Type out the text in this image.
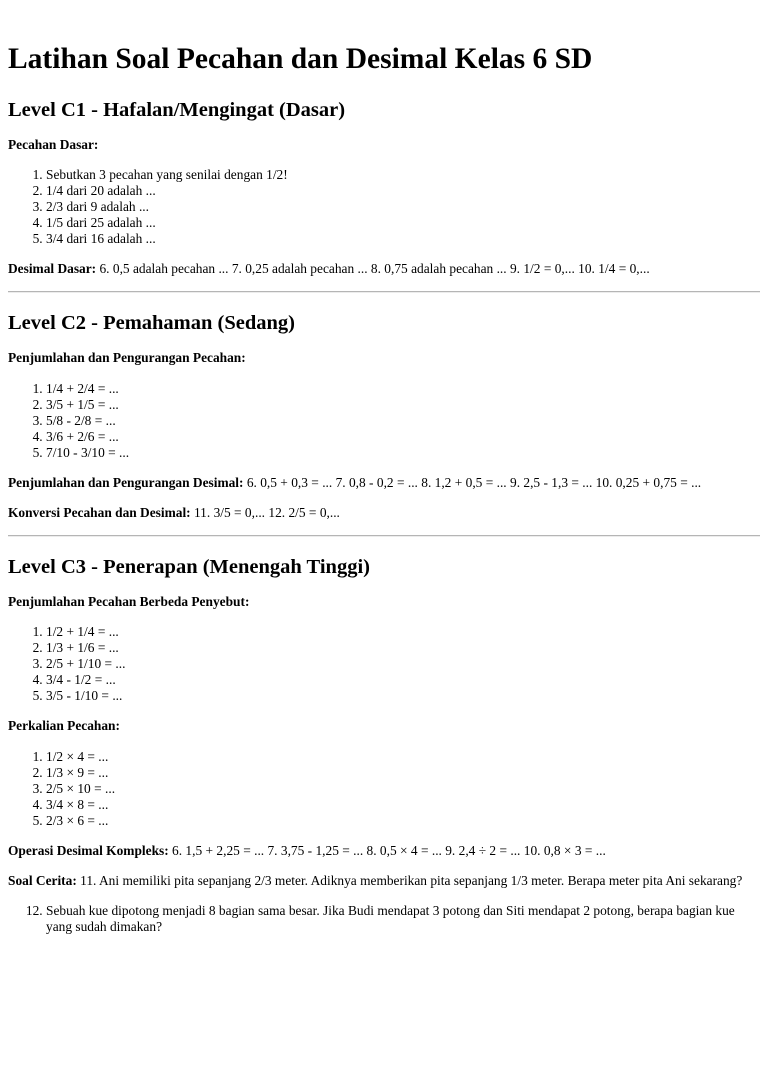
Latihan Soal Pecahan dan Desimal Kelas 6 SD
Level C1 - Hafalan/Mengingat (Dasar)

Pecahan Dasar:

1. Sebutkan 3 pecahan yang senilai dengan 1/2!
2. 1/4 dari 20 adalah ...
3. 2/3 dari 9 adalah ...
4. 1/5 dari 25 adalah ...
5. 3/4 dari 16 adalah ...

Desimal Dasar: 6. 0,5 adalah pecahan ... 7. 0,25 adalah pecahan ... 8. 0,75 adalah pecahan ... 9. 1/2 = 0,... 10. 1/4 = 0,...

Level C2 - Pemahaman (Sedang)

Penjumlahan dan Pengurangan Pecahan:

1. 1/4 + 2/4 = ...
2. 3/5 + 1/5 = ...
3. 5/8 - 2/8 = ...
4. 3/6 + 2/6 = ...
5. 7/10 - 3/10 = ...

Penjumlahan dan Pengurangan Desimal: 6. 0,5 + 0,3 = ... 7. 0,8 - 0,2 = ... 8. 1,2 + 0,5 = ... 9. 2,5 - 1,3 = ... 10. 0,25 + 0,75 = ...

Konversi Pecahan dan Desimal: 11. 3/5 = 0,... 12. 2/5 = 0,...

Level C3 - Penerapan (Menengah Tinggi)

Penjumlahan Pecahan Berbeda Penyebut:

1. 1/2 + 1/4 = ...
2. 1/3 + 1/6 = ...
3. 2/5 + 1/10 = ...
4. 3/4 - 1/2 = ...
5. 3/5 - 1/10 = ...

Perkalian Pecahan:

1. 1/2 × 4 = ...
2. 1/3 × 9 = ...
3. 2/5 × 10 = ...
4. 3/4 × 8 = ...
5. 2/3 × 6 = ...

Operasi Desimal Kompleks: 6. 1,5 + 2,25 = ... 7. 3,75 - 1,25 = ... 8. 0,5 × 4 = ... 9. 2,4 ÷ 2 = ... 10. 0,8 × 3 = ...

Soal Cerita: 11. Ani memiliki pita sepanjang 2/3 meter. Adiknya memberikan pita sepanjang 1/3 meter. Berapa meter pita Ani sekarang?

12. Sebuah kue dipotong menjadi 8 bagian sama besar. Jika Budi mendapat 3 potong dan Siti mendapat 2 potong, berapa bagian kue yang sudah dimakan?
